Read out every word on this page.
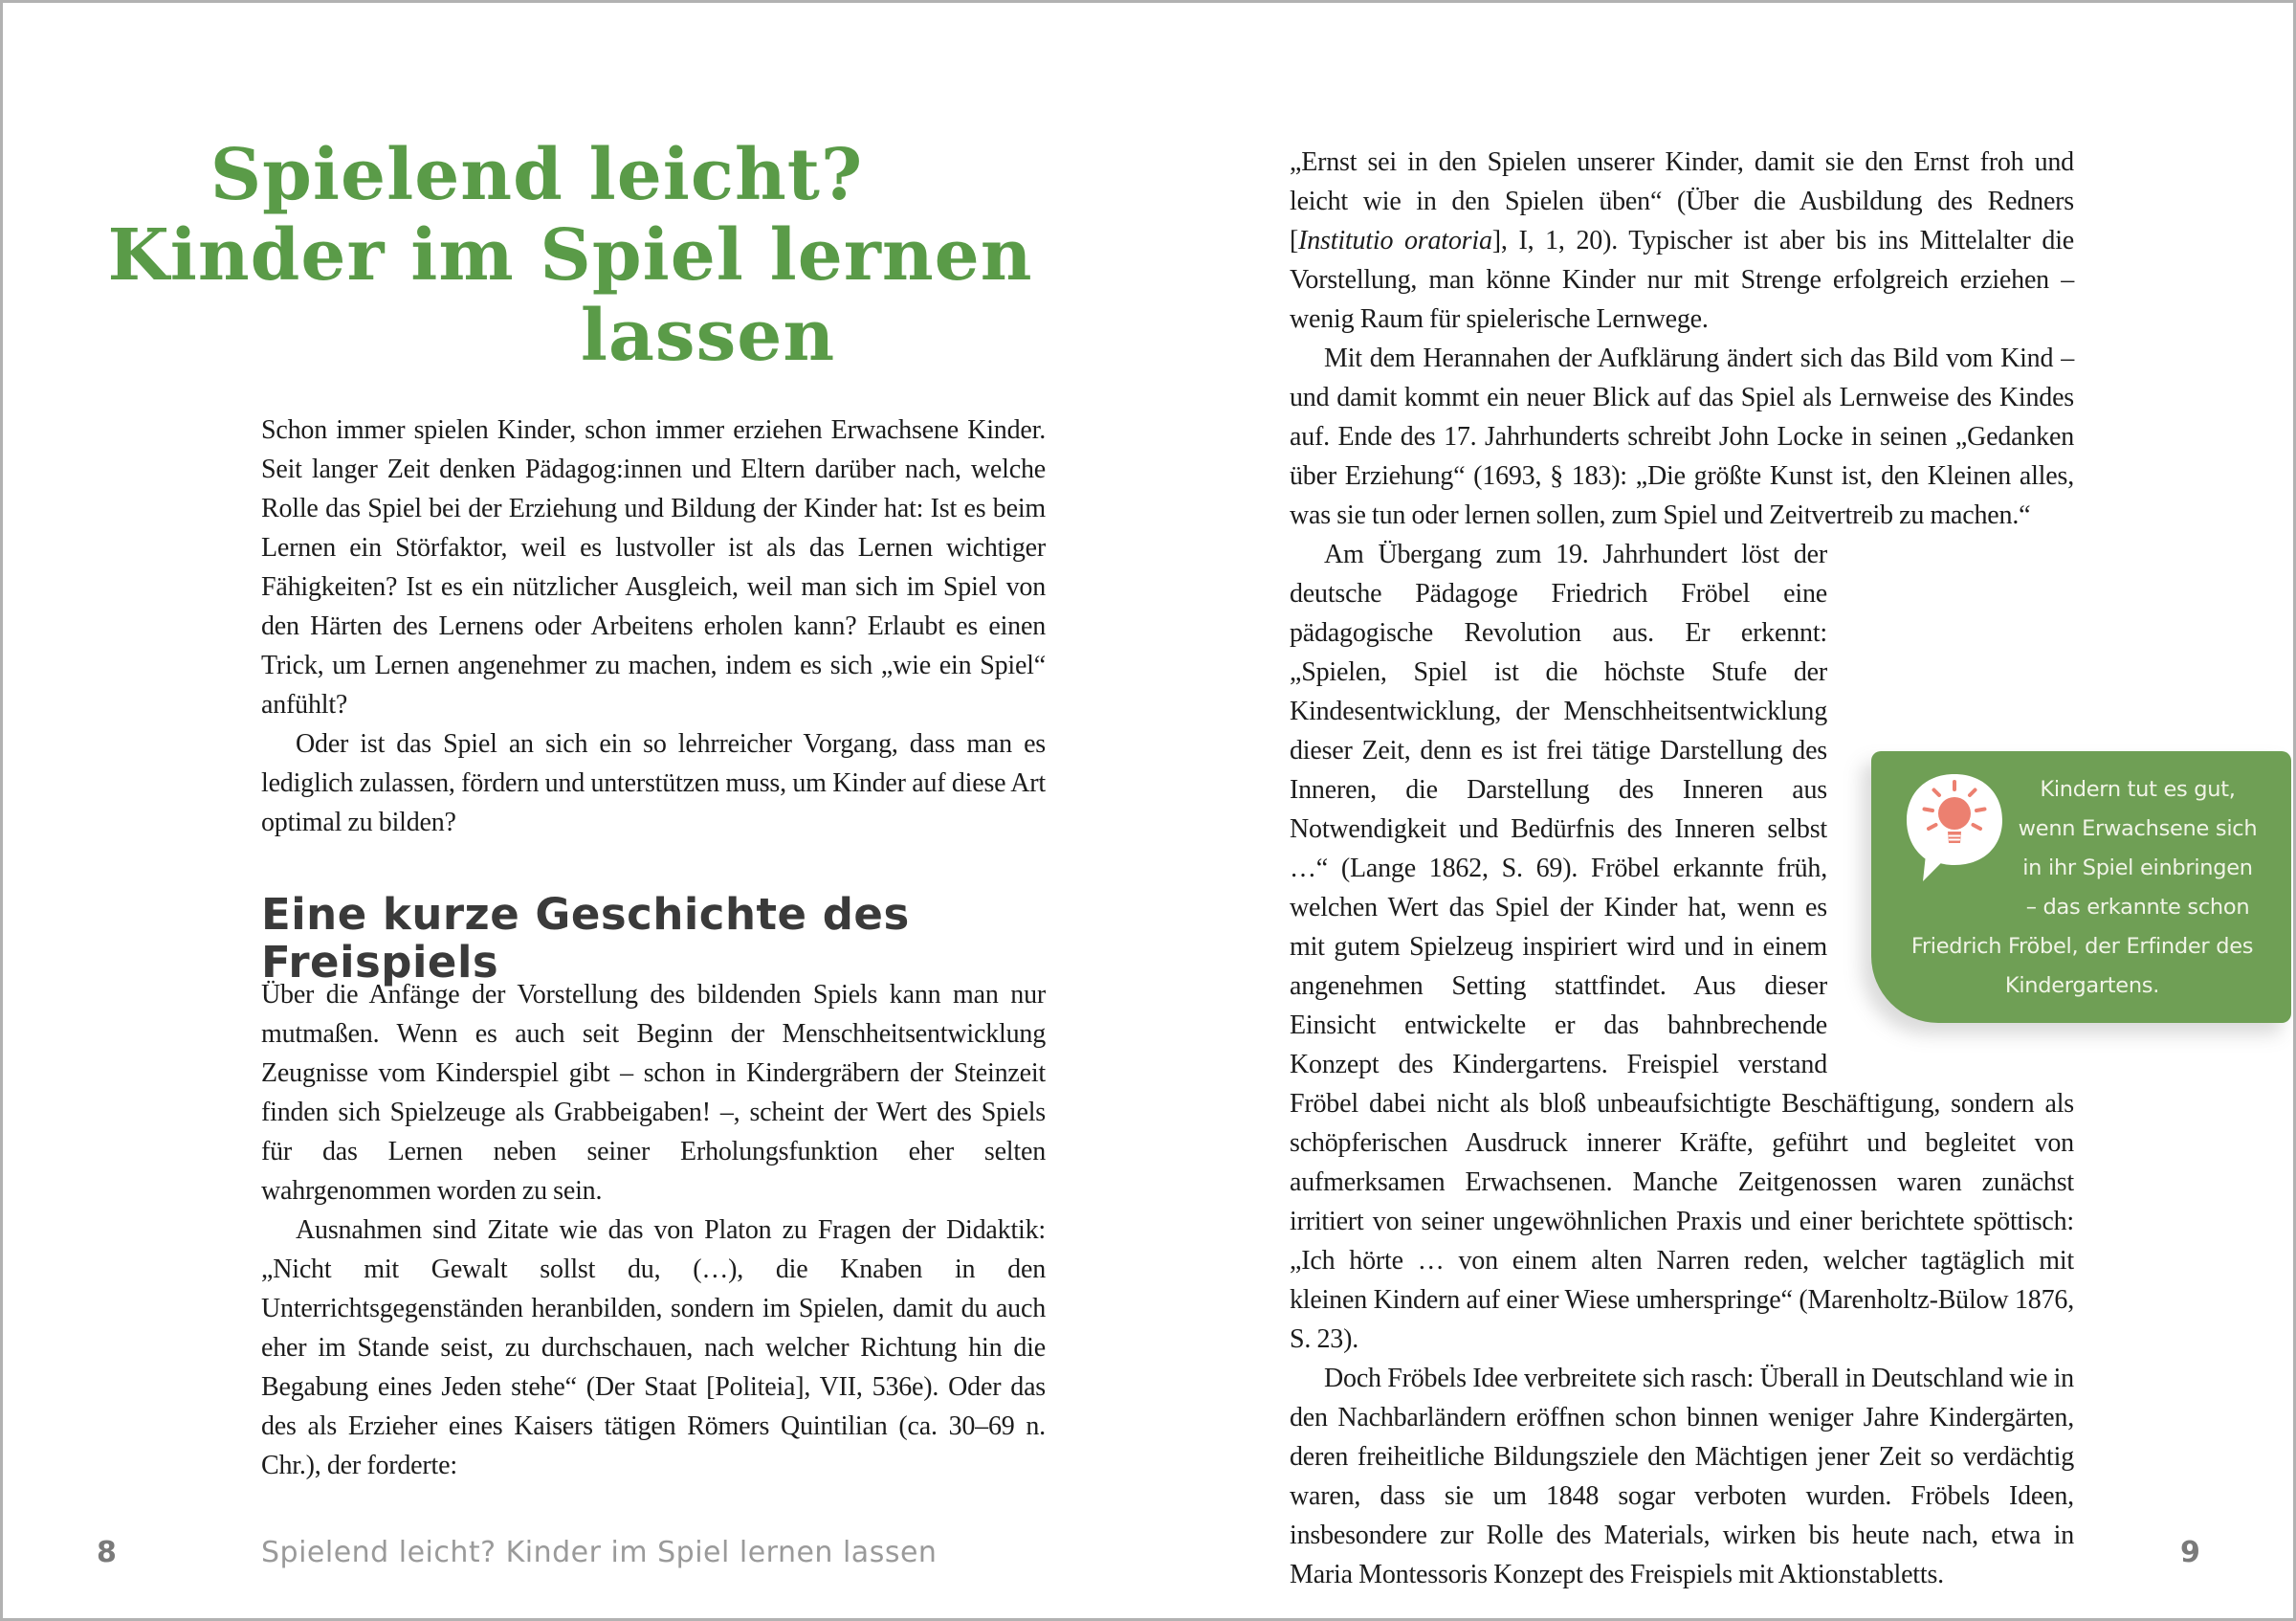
Spielend leicht?
Kinder im Spiel lernen
lassen

Schon immer spielen Kinder, schon immer erziehen Erwachsene Kinder. Seit langer Zeit denken Pädagog:innen und Eltern darüber nach, welche Rolle das Spiel bei der Erziehung und Bildung der Kinder hat: Ist es beim Lernen ein Störfaktor, weil es lustvoller ist als das Lernen wichtiger Fähigkeiten? Ist es ein nützlicher Ausgleich, weil man sich im Spiel von den Härten des Lernens oder Arbeitens erholen kann? Erlaubt es einen Trick, um Lernen angenehmer zu machen, indem es sich „wie ein Spiel“ anfühlt?

Oder ist das Spiel an sich ein so lehrreicher Vorgang, dass man es lediglich zulassen, fördern und unterstützen muss, um Kinder auf diese Art optimal zu bilden?

Eine kurze Geschichte des Freispiels

Über die Anfänge der Vorstellung des bildenden Spiels kann man nur mutmaßen. Wenn es auch seit Beginn der Menschheitsentwicklung Zeugnisse vom Kinderspiel gibt – schon in Kindergräbern der Steinzeit finden sich Spielzeuge als Grabbeigaben! –, scheint der Wert des Spiels für das Lernen neben seiner Erholungsfunktion eher selten wahrgenommen worden zu sein.

Ausnahmen sind Zitate wie das von Platon zu Fragen der Didaktik: „Nicht mit Gewalt sollst du, (…), die Knaben in den Unterrichtsgegenständen heranbilden, sondern im Spielen, damit du auch eher im Stande seist, zu durchschauen, nach welcher Richtung hin die Begabung eines Jeden stehe“ (Der Staat [Politeia], VII, 536e). Oder das des als Erzieher eines Kaisers tätigen Römers Quintilian (ca. 30–69 n. Chr.), der forderte:

8	Spielend leicht? Kinder im Spiel lernen lassen

„Ernst sei in den Spielen unserer Kinder, damit sie den Ernst froh und leicht wie in den Spielen üben“ (Über die Ausbildung des Redners [Institutio oratoria], I, 1, 20). Typischer ist aber bis ins Mittelalter die Vorstellung, man könne Kinder nur mit Strenge erfolgreich erziehen – wenig Raum für spielerische Lernwege.

Mit dem Herannahen der Aufklärung ändert sich das Bild vom Kind – und damit kommt ein neuer Blick auf das Spiel als Lernweise des Kindes auf. Ende des 17. Jahrhunderts schreibt John Locke in seinen „Gedanken über Erziehung“ (1693, § 183): „Die größte Kunst ist, den Kleinen alles, was sie tun oder lernen sollen, zum Spiel und Zeitvertreib zu machen.“

Am Übergang zum 19. Jahrhundert löst der deutsche Pädagoge Friedrich Fröbel eine pädagogische Revolution aus. Er erkennt: „Spielen, Spiel ist die höchste Stufe der Kindesentwicklung, der Menschheitsentwicklung dieser Zeit, denn es ist frei tätige Darstellung des Inneren, die Darstellung des Inneren aus Notwendigkeit und Bedürfnis des Inneren selbst …“ (Lange 1862, S. 69). Fröbel erkannte früh, welchen Wert das Spiel der Kinder hat, wenn es mit gutem Spielzeug inspiriert wird und in einem angenehmen Setting stattfindet. Aus dieser Einsicht entwickelte er das bahnbrechende Konzept des Kindergartens. Freispiel verstand Fröbel dabei nicht als bloß unbeaufsichtigte Beschäftigung, sondern als schöpferischen Ausdruck innerer Kräfte, geführt und begleitet von aufmerksamen Erwachsenen. Manche Zeitgenossen waren zunächst irritiert von seiner ungewöhnlichen Praxis und einer berichtete spöttisch: „Ich hörte … von einem alten Narren reden, welcher tagtäglich mit kleinen Kindern auf einer Wiese umherspringe“ (Marenholtz-Bülow 1876, S. 23).

Doch Fröbels Idee verbreitete sich rasch: Überall in Deutschland wie in den Nachbarländern eröffnen schon binnen weniger Jahre Kindergärten, deren freiheitliche Bildungsziele den Mächtigen jener Zeit so verdächtig waren, dass sie um 1848 sogar verboten wurden. Fröbels Ideen, insbesondere zur Rolle des Materials, wirken bis heute nach, etwa in Maria Montessoris Konzept des Freispiels mit Aktionstabletts.

Kindern tut es gut, wenn Erwachsene sich in ihr Spiel einbringen – das erkannte schon Friedrich Fröbel, der Erfinder des Kindergartens.
9
